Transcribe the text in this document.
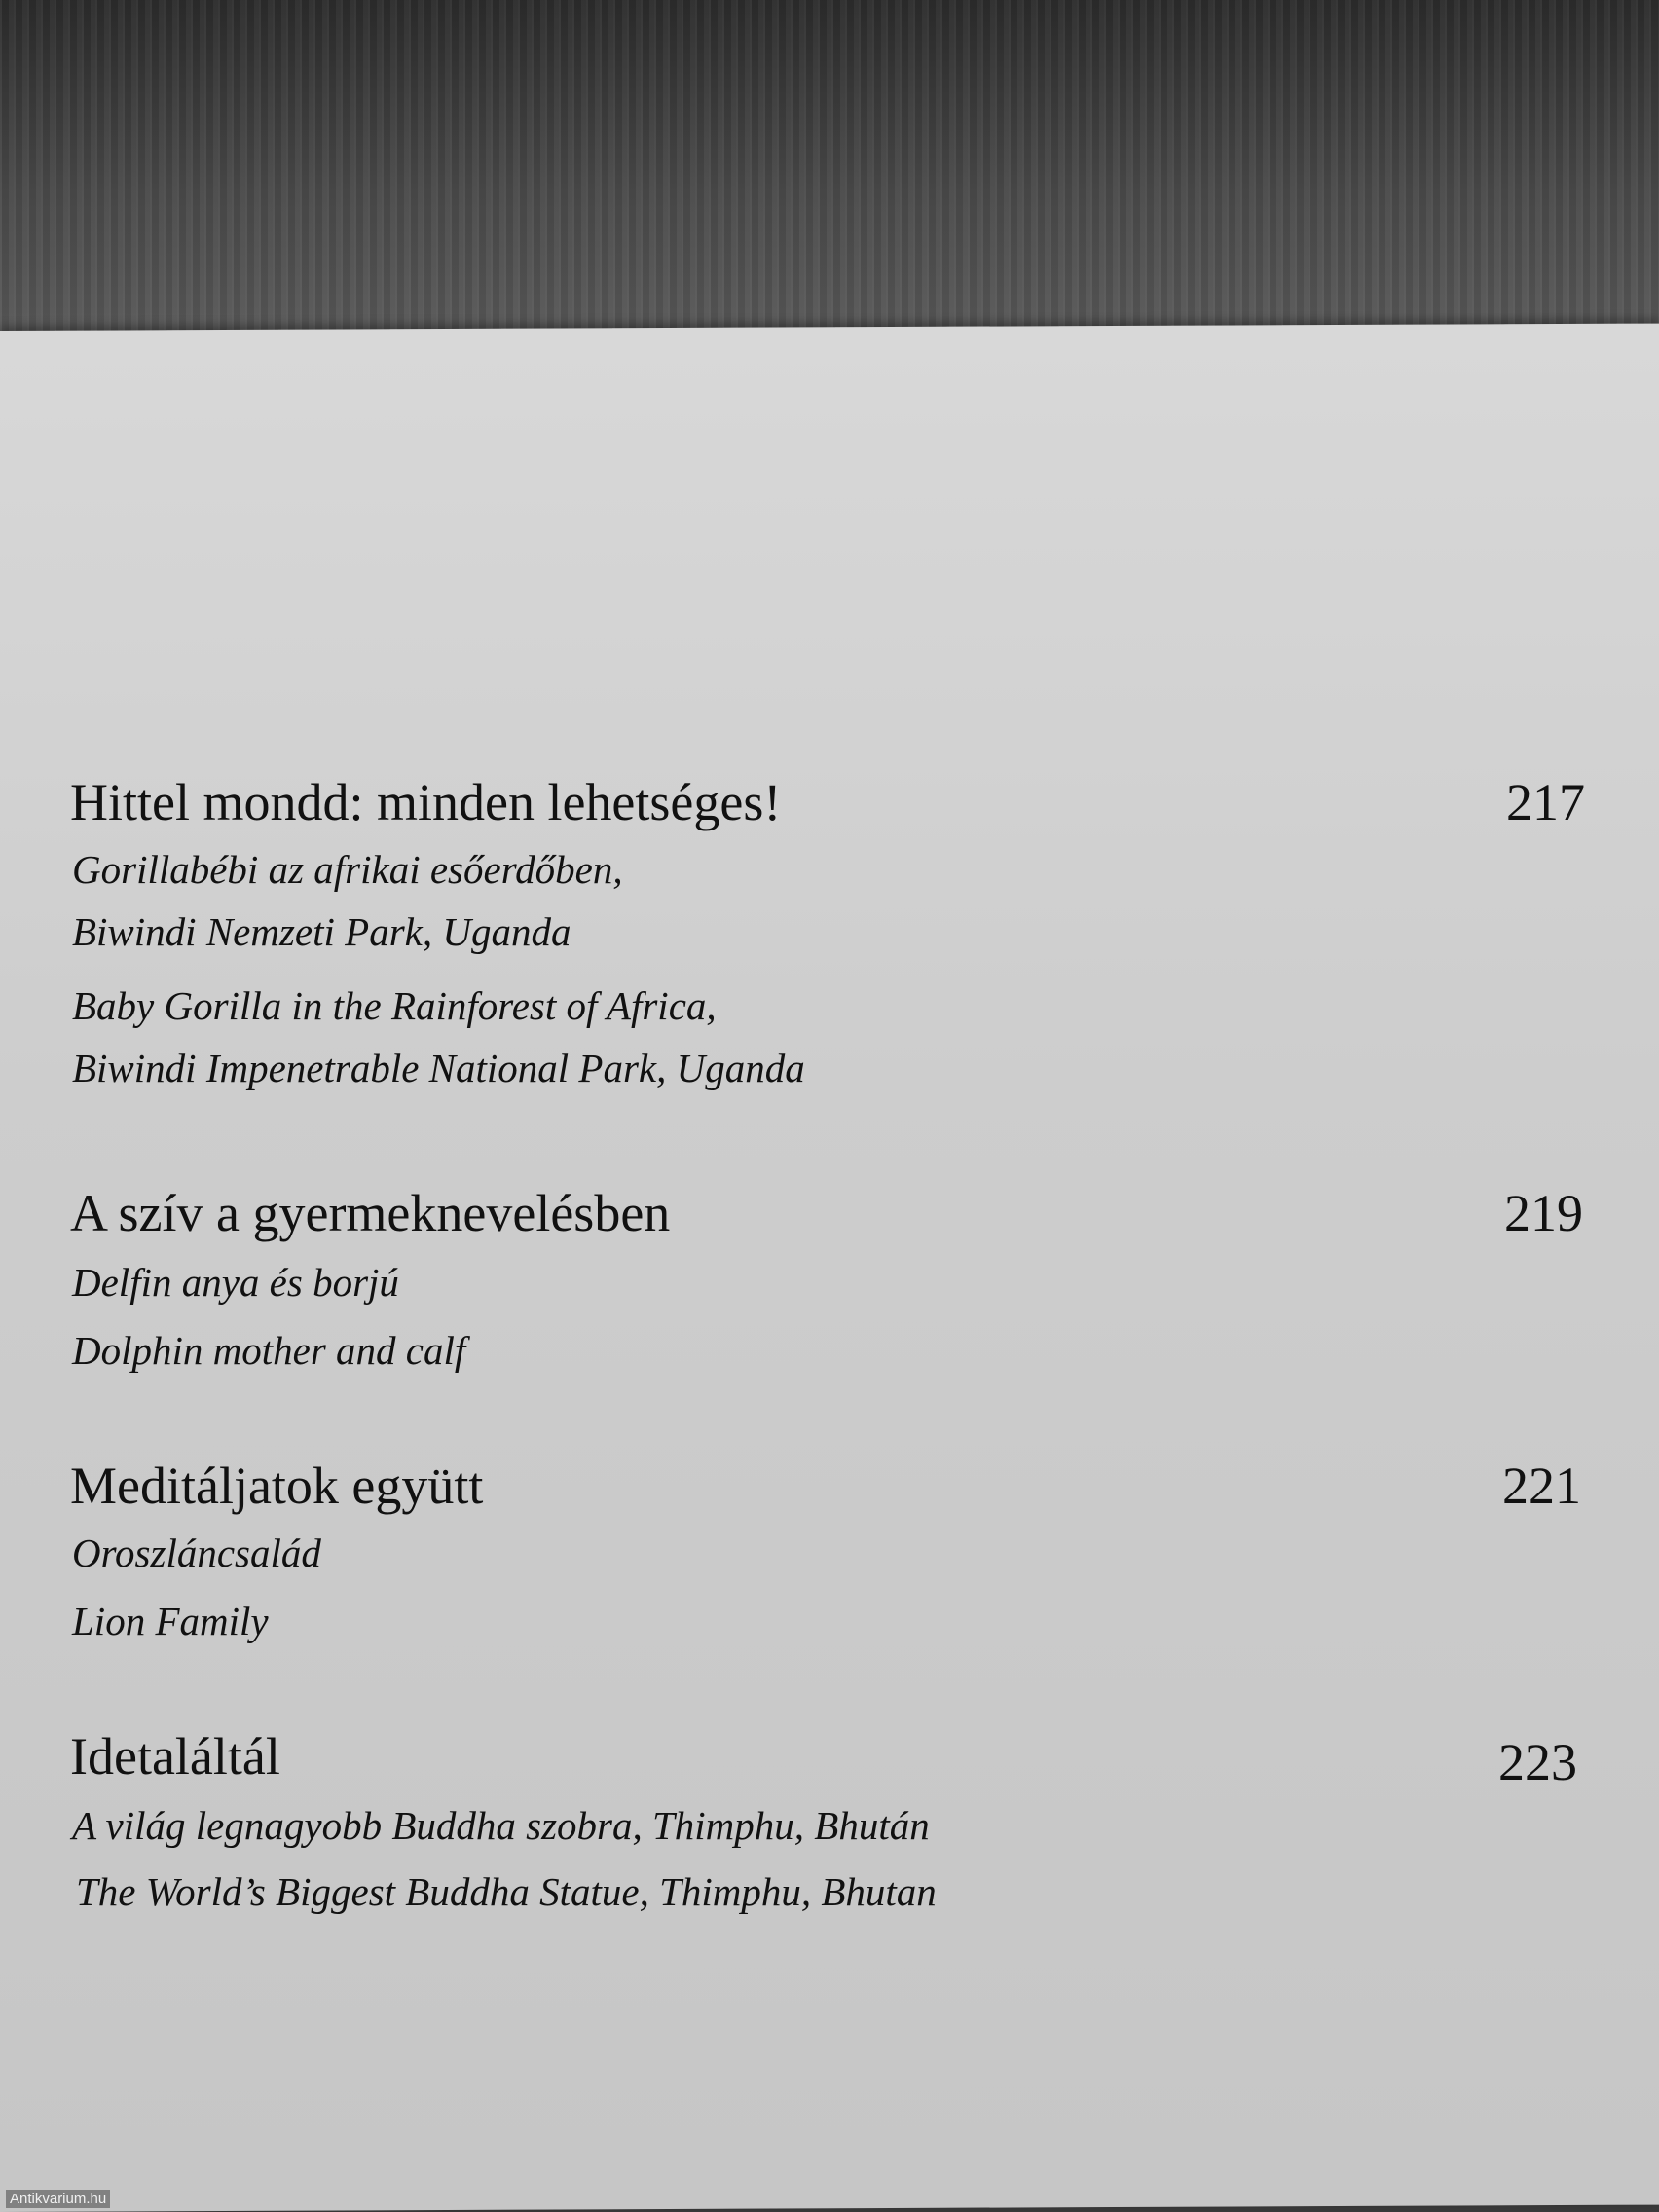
Hittel mondd: minden lehetséges!	217
Gorillabébi az afrikai esőerdőben,
Biwindi Nemzeti Park, Uganda
Baby Gorilla in the Rainforest of Africa,
Biwindi Impenetrable National Park, Uganda
A szív a gyermeknevelésben	219
Delfin anya és borjú
Dolphin mother and calf
Meditáljatok együtt	221
Oroszláncsalád
Lion Family
Idetaláltál	223
A világ legnagyobb Buddha szobra, Thimphu, Bhután
The World’s Biggest Buddha Statue, Thimphu, Bhutan
Antikvarium.hu
